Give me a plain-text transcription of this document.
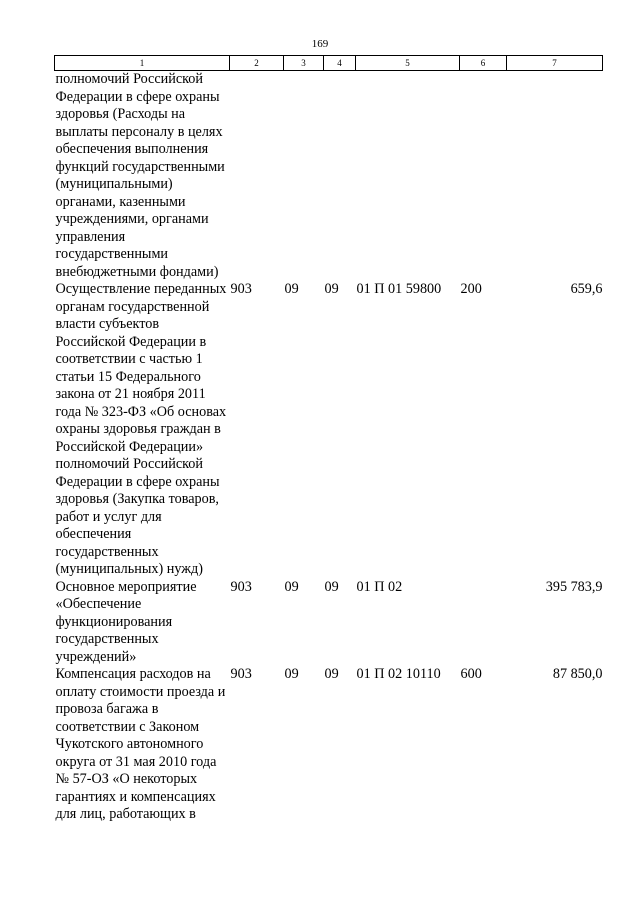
169
1	2	3	4	5	6	7
полномочий Российской Федерации в сфере охраны здоровья (Расходы на выплаты персоналу в целях обеспечения выполнения функций государственными (муниципальными) органами, казенными учреждениями, органами управления государственными внебюджетными фондами)						
Осуществление переданных органам государственной власти субъектов Российской Федерации в соответствии с частью 1 статьи 15 Федерального закона от 21 ноября 2011 года № 323-ФЗ «Об основах охраны здоровья граждан в Российской Федерации» полномочий Российской Федерации в сфере охраны здоровья (Закупка товаров, работ и услуг для обеспечения государственных (муниципальных) нужд)	903	09	09	01 П 01 59800	200	659,6
Основное мероприятие «Обеспечение функционирования государственных учреждений»	903	09	09	01 П 02		395 783,9
Компенсация расходов на оплату стоимости проезда и провоза багажа в соответствии с Законом Чукотского автономного округа от 31 мая 2010 года № 57-ОЗ «О некоторых гарантиях и компенсациях для лиц, работающих в	903	09	09	01 П 02 10110	600	87 850,0
